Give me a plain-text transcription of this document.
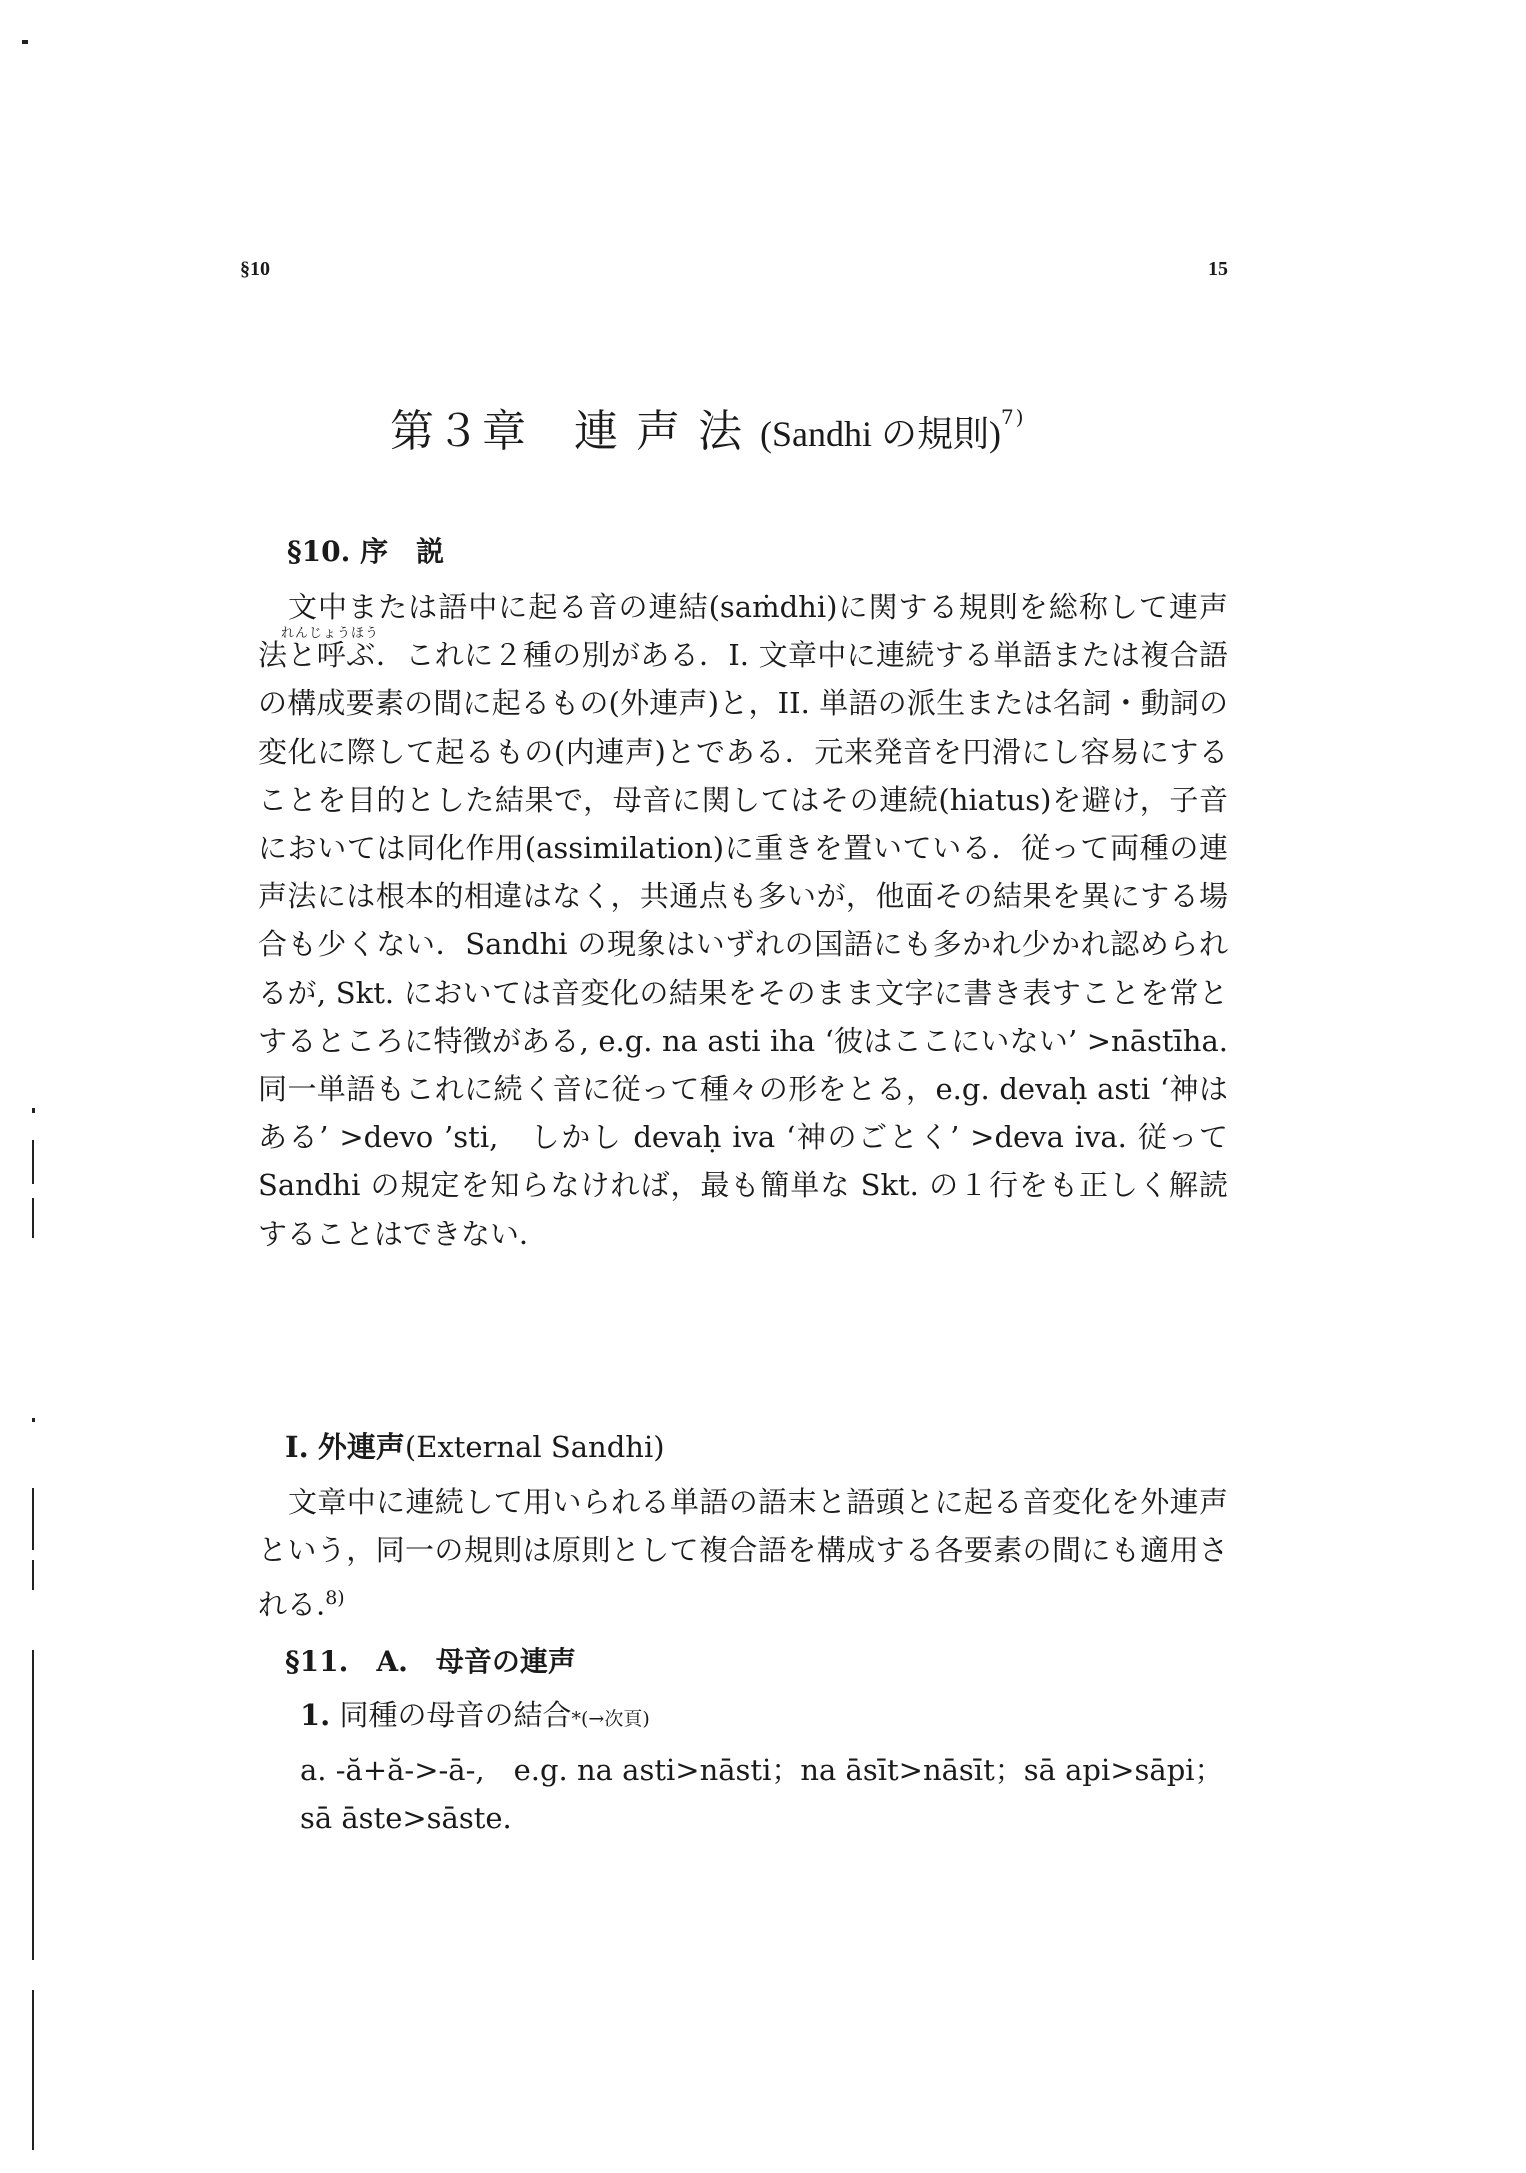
§10	15
第３章　連 声 法 (Sandhi の規則)$^{7)}$
§10. 序　説
れんじょうほう

文中または語中に起る音の連結(saṁdhi)に関する規則を総称して連声法と呼ぶ．これに２種の別がある．I. 文章中に連続する単語または複合語の構成要素の間に起るもの(外連声)と，II. 単語の派生または名詞・動詞の変化に際して起るもの(内連声)とである．元来発音を円滑にし容易にすることを目的とした結果で，母音に関してはその連続(hiatus)を避け，子音においては同化作用(assimilation)に重きを置いている．従って両種の連声法には根本的相違はなく，共通点も多いが，他面その結果を異にする場合も少くない．Sandhi の現象はいずれの国語にも多かれ少かれ認められるが, Skt. においては音変化の結果をそのまま文字に書き表すことを常とするところに特徴がある, e.g. na asti iha ‘彼はここにいない’ >nāstīha. 同一単語もこれに続く音に従って種々の形をとる，e.g. devaḥ asti ‘神はある’ >devo ’sti,　しかし devaḥ iva ‘神のごとく’ >deva iva. 従って Sandhi の規定を知らなければ，最も簡単な Skt. の１行をも正しく解読することはできない．

I. 外連声(External Sandhi)

文章中に連続して用いられる単語の語末と語頭とに起る音変化を外連声という，同一の規則は原則として複合語を構成する各要素の間にも適用される.$^{8)}$

§11.　A.　母音の連声
1. 同種の母音の結合*(→次頁)
a. -ă+ă->-ā-,　e.g. na asti>nāsti；na āsīt>nāsīt；sā api>sāpi；sā āste>sāste.
